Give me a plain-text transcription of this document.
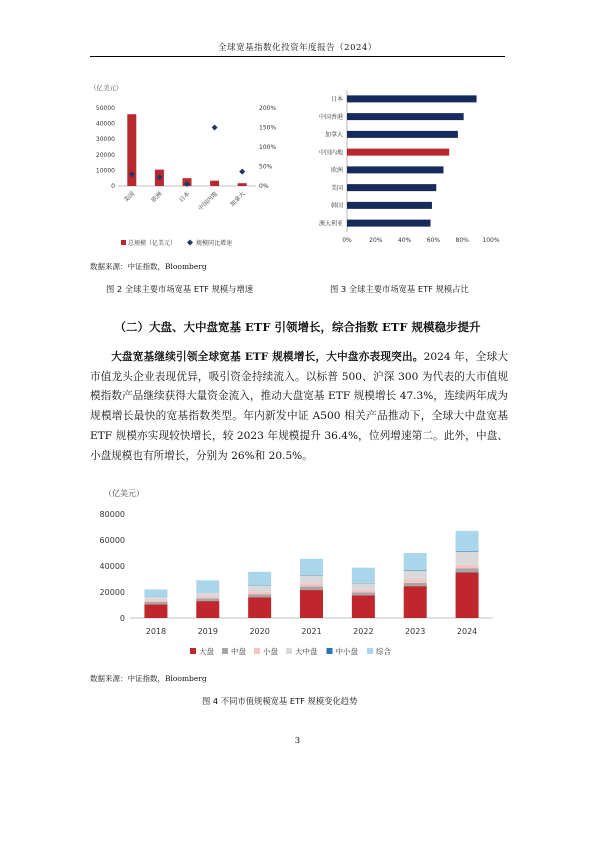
全球宽基指数化投资年度报告（2024）
（亿美元）
0
10000
20000
30000
40000
50000
0%
50%
100%
150%
200%
美国 欧洲 日本 中国内地 加拿大
总规模（亿美元）	规模同比增速
数据来源：中证指数，Bloomberg
图 2 全球主要市场宽基 ETF 规模与增速
日本
中国香港
加拿大
中国内地
欧洲
美国
韩国
澳大利亚
0%	20%	40%	60%	80% 100%
图 3 全球主要市场宽基 ETF 规模占比
（二）大盘、大中盘宽基 ETF 引领增长，综合指数 ETF 规模稳步提升
大盘宽基继续引领全球宽基 ETF 规模增长，大中盘亦表现突出。2024 年，全球大市值龙头企业表现优异，吸引资金持续流入。以标普 500、沪深 300 为代表的大市值规模指数产品继续获得大量资金流入，推动大盘宽基 ETF 规模增长 47.3%，连续两年成为规模增长最快的宽基指数类型。年内新发中证 A500 相关产品推动下，全球大中盘宽基 ETF 规模亦实现较快增长，较 2023 年规模提升 36.4%，位列增速第二。此外，中盘、小盘规模也有所增长，分别为 26%和 20.5%。
（亿美元）
0
20000
40000
60000
80000
2018	2019	2020	2021	2022	2023	2024
大盘 中盘 小盘 大中盘 中小盘 综合
数据来源：中证指数，Bloomberg
图 4 不同市值规模宽基 ETF 规模变化趋势
3
